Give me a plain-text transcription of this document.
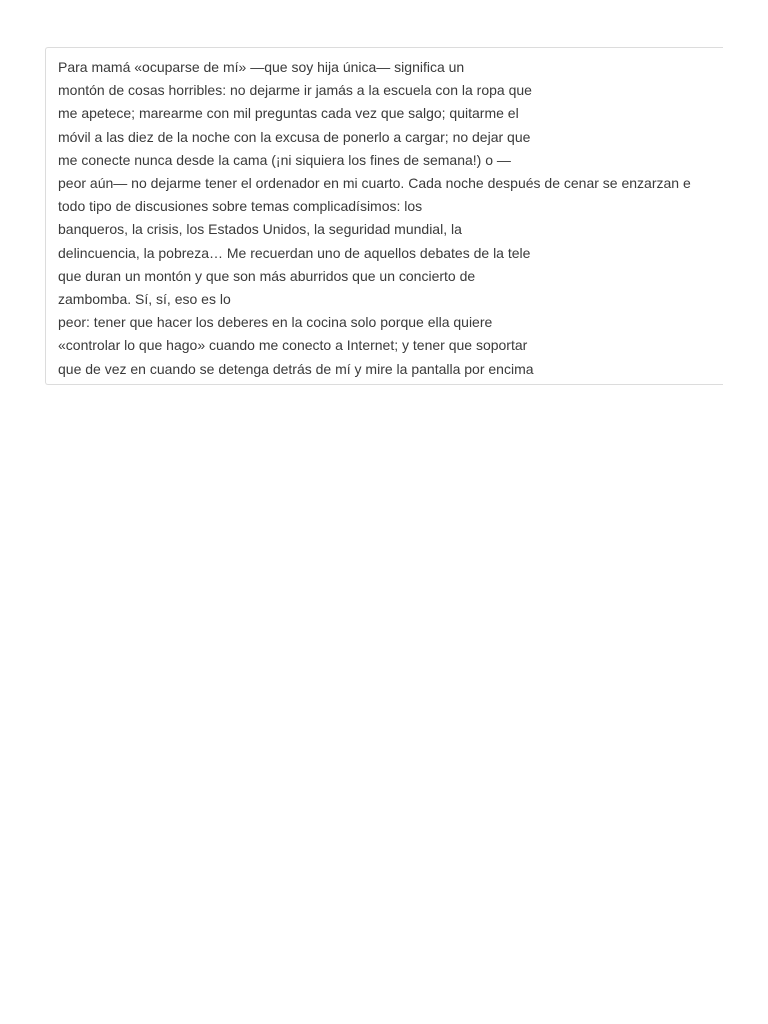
Para mamá «ocuparse de mí» —que soy hija única— significa un
montón de cosas horribles: no dejarme ir jamás a la escuela con la ropa que
me apetece; marearme con mil preguntas cada vez que salgo; quitarme el
móvil a las diez de la noche con la excusa de ponerlo a cargar; no dejar que
me conecte nunca desde la cama (¡ni siquiera los fines de semana!) o —
peor aún— no dejarme tener el ordenador en mi cuarto. Cada noche después de cenar se enzarzan e
todo tipo de discusiones sobre temas complicadísimos: los
banqueros, la crisis, los Estados Unidos, la seguridad mundial, la
delincuencia, la pobreza… Me recuerdan uno de aquellos debates de la tele
que duran un montón y que son más aburridos que un concierto de
zambomba. Sí, sí, eso es lo
peor: tener que hacer los deberes en la cocina solo porque ella quiere
«controlar lo que hago» cuando me conecto a Internet; y tener que soportar
que de vez en cuando se detenga detrás de mí y mire la pantalla por encima
